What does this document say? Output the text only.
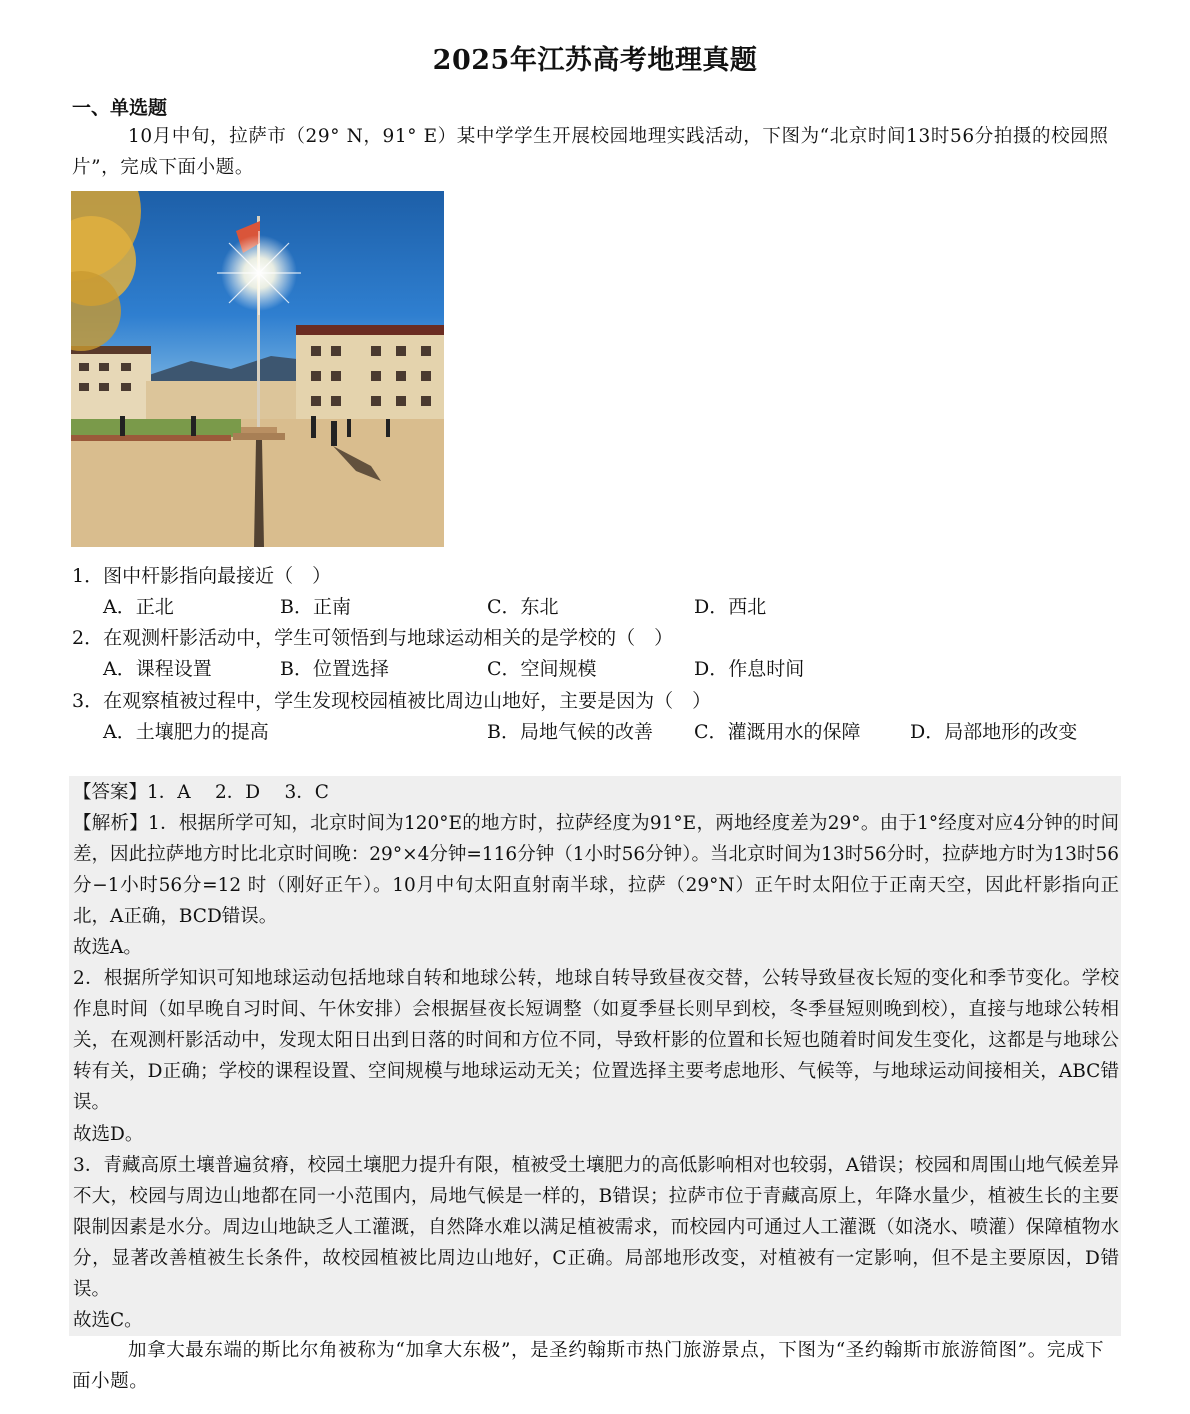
2025年江苏高考地理真题
一、单选题
10月中旬，拉萨市（29° N，91° E）某中学学生开展校园地理实践活动，下图为“北京时间13时56分拍摄的校园照片”，完成下面小题。
1．图中杆影指向最接近（　）
A．正北	B．正南	C．东北	D．西北
2．在观测杆影活动中，学生可领悟到与地球运动相关的是学校的（　）
A．课程设置	B．位置选择	C．空间规模	D．作息时间
3．在观察植被过程中，学生发现校园植被比周边山地好，主要是因为（　）
A．土壤肥力的提高	B．局地气候的改善 C．灌溉用水的保障	D．局部地形的改变
【答案】1．A　 2．D　 3．C
【解析】1．根据所学可知，北京时间为120°E的地方时，拉萨经度为91°E，两地经度差为29°。由于1°经度对应4分钟的时间差，因此拉萨地方时比北京时间晚：29°×4分钟=116分钟（1小时56分钟）。当北京时间为13时56分时，拉萨地方时为13时56分−1小时56分=12 时（刚好正午）。10月中旬太阳直射南半球，拉萨（29°N）正午时太阳位于正南天空，因此杆影指向正北，A正确，BCD错误。
故选A。
2．根据所学知识可知地球运动包括地球自转和地球公转，地球自转导致昼夜交替，公转导致昼夜长短的变化和季节变化。学校作息时间（如早晚自习时间、午休安排）会根据昼夜长短调整（如夏季昼长则早到校，冬季昼短则晚到校），直接与地球公转相关，在观测杆影活动中，发现太阳日出到日落的时间和方位不同，导致杆影的位置和长短也随着时间发生变化，这都是与地球公转有关，D正确；学校的课程设置、空间规模与地球运动无关；位置选择主要考虑地形、气候等，与地球运动间接相关，ABC错误。
故选D。
3．青藏高原土壤普遍贫瘠，校园土壤肥力提升有限，植被受土壤肥力的高低影响相对也较弱，A错误；校园和周围山地气候差异不大，校园与周边山地都在同一小范围内，局地气候是一样的，B错误；拉萨市位于青藏高原上，年降水量少，植被生长的主要限制因素是水分。周边山地缺乏人工灌溉，自然降水难以满足植被需求，而校园内可通过人工灌溉（如浇水、喷灌）保障植物水分，显著改善植被生长条件，故校园植被比周边山地好，C正确。局部地形改变，对植被有一定影响，但不是主要原因，D错误。
故选C。
加拿大最东端的斯比尔角被称为“加拿大东极”，是圣约翰斯市热门旅游景点，下图为“圣约翰斯市旅游简图”。完成下面小题。
